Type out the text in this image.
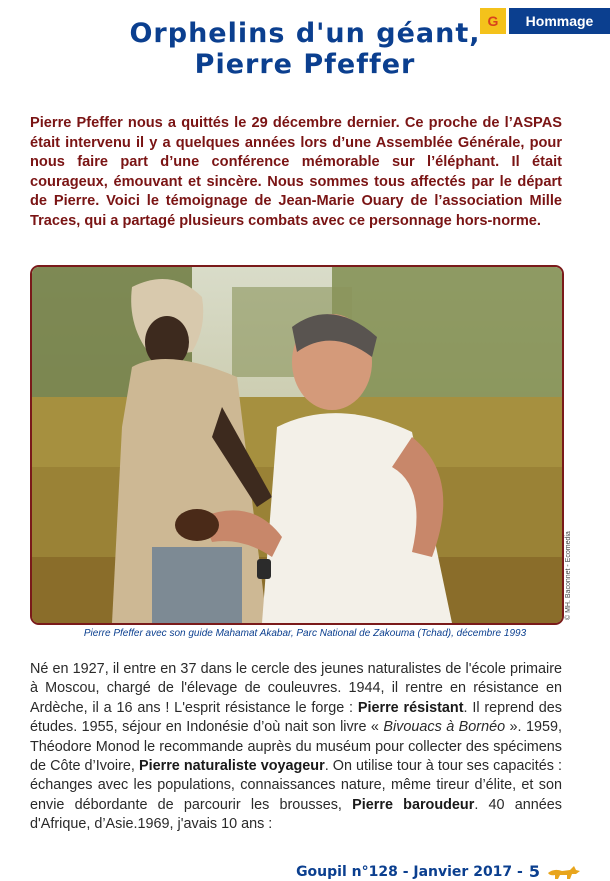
G	Hommage
Orphelins d'un géant,
Pierre Pfeffer
Pierre Pfeffer nous a quittés le 29 décembre dernier. Ce proche de l’ASPAS était intervenu il y a quelques années lors d’une Assemblée Générale, pour nous faire part d’une conférence mémorable sur l’éléphant. Il était courageux, émouvant et sincère. Nous sommes tous affectés par le départ de Pierre. Voici le témoignage de Jean-Marie Ouary de l’association Mille Traces, qui a partagé plusieurs combats avec ce personnage hors-norme.
© MH. Baconnet - Ecomedia
Pierre Pfeffer avec son guide Mahamat Akabar, Parc National de Zakouma (Tchad), décembre 1993
Né en 1927, il entre en 37 dans le cercle des jeunes naturalistes de l'école primaire à Moscou, chargé de l'élevage de couleuvres. 1944, il rentre en résistance en Ardèche, il a 16 ans ! L'esprit résistance le forge : Pierre résistant. Il reprend des études. 1955, séjour en Indonésie d’où nait son livre « Bivouacs à Bornéo ». 1959, Théodore Monod le recommande auprès du muséum pour collecter des spécimens de Côte d’Ivoire, Pierre naturaliste voyageur. On utilise tour à tour ses capacités : échanges avec les populations, connaissances nature, même tireur d’élite, et son envie débordante de parcourir les brousses, Pierre baroudeur. 40 années d'Afrique, d’Asie.1969, j'avais 10 ans :
Goupil n°128 - Janvier 2017 - 5
